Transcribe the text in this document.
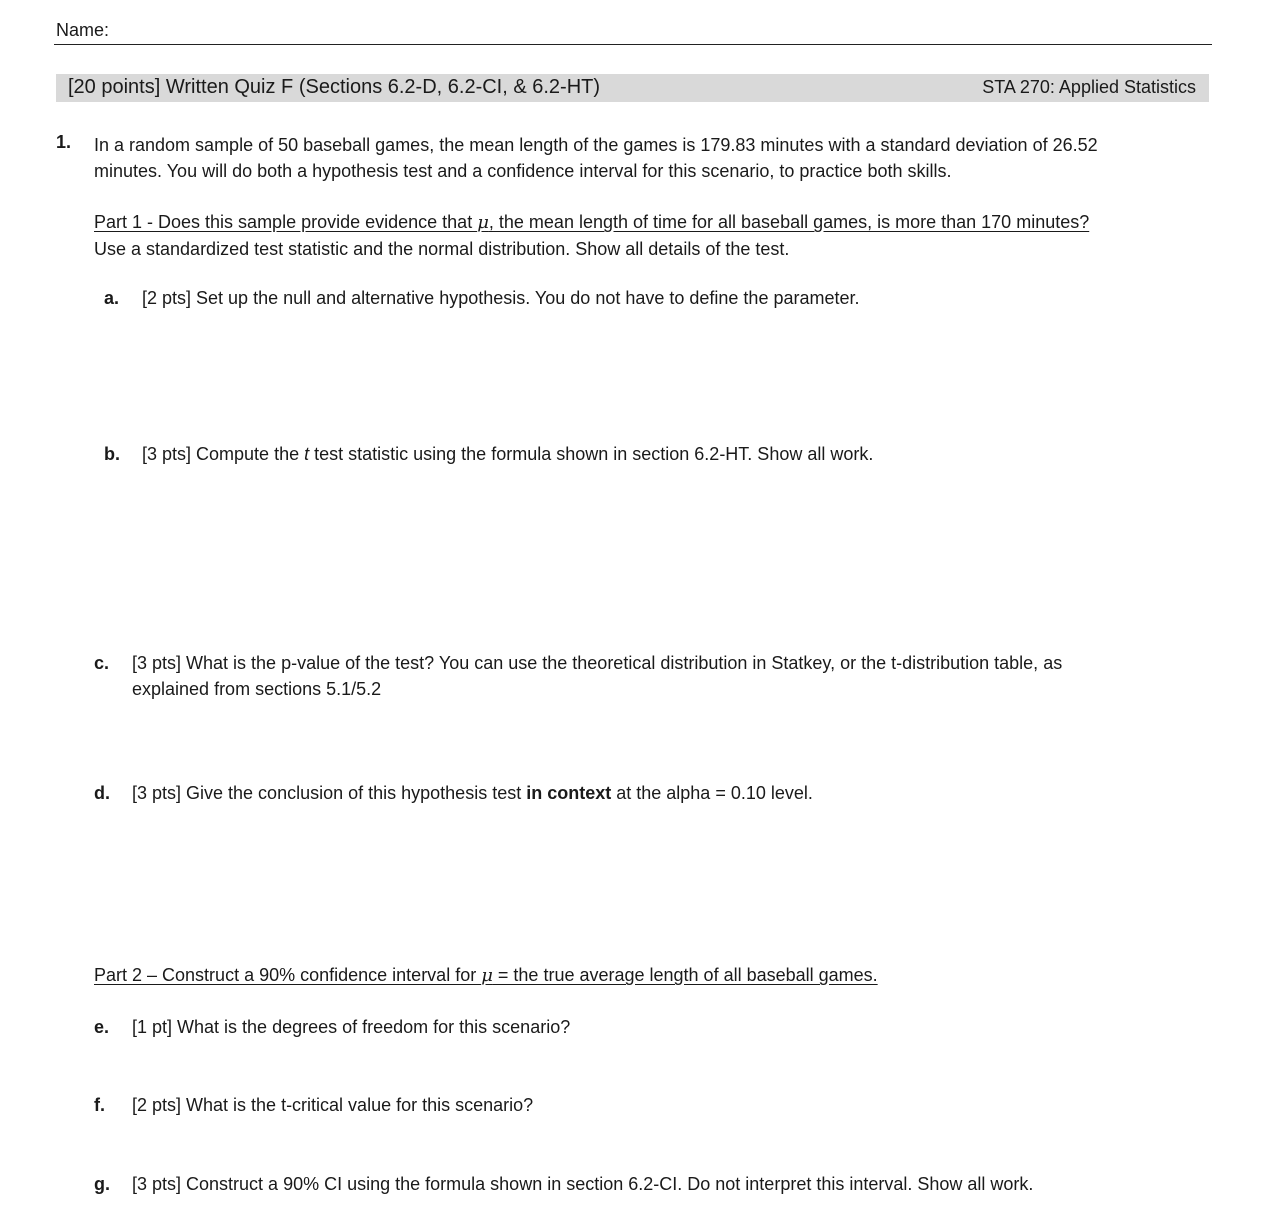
Name:
[20 points] Written Quiz F (Sections 6.2-D, 6.2-CI, & 6.2-HT)	STA 270: Applied Statistics
1. In a random sample of 50 baseball games, the mean length of the games is 179.83 minutes with a standard deviation of 26.52
minutes. You will do both a hypothesis test and a confidence interval for this scenario, to practice both skills.
Part 1 - Does this sample provide evidence that μ, the mean length of time for all baseball games, is more than 170 minutes?
Use a standardized test statistic and the normal distribution. Show all details of the test.
a. [2 pts] Set up the null and alternative hypothesis. You do not have to define the parameter.
b. [3 pts] Compute the t test statistic using the formula shown in section 6.2-HT. Show all work.
c. [3 pts] What is the p-value of the test? You can use the theoretical distribution in Statkey, or the t-distribution table, as
explained from sections 5.1/5.2
d. [3 pts] Give the conclusion of this hypothesis test in context at the alpha = 0.10 level.
Part 2 – Construct a 90% confidence interval for μ = the true average length of all baseball games.
e. [1 pt] What is the degrees of freedom for this scenario?
f. [2 pts] What is the t-critical value for this scenario?
g. [3 pts] Construct a 90% CI using the formula shown in section 6.2-CI. Do not interpret this interval. Show all work.
